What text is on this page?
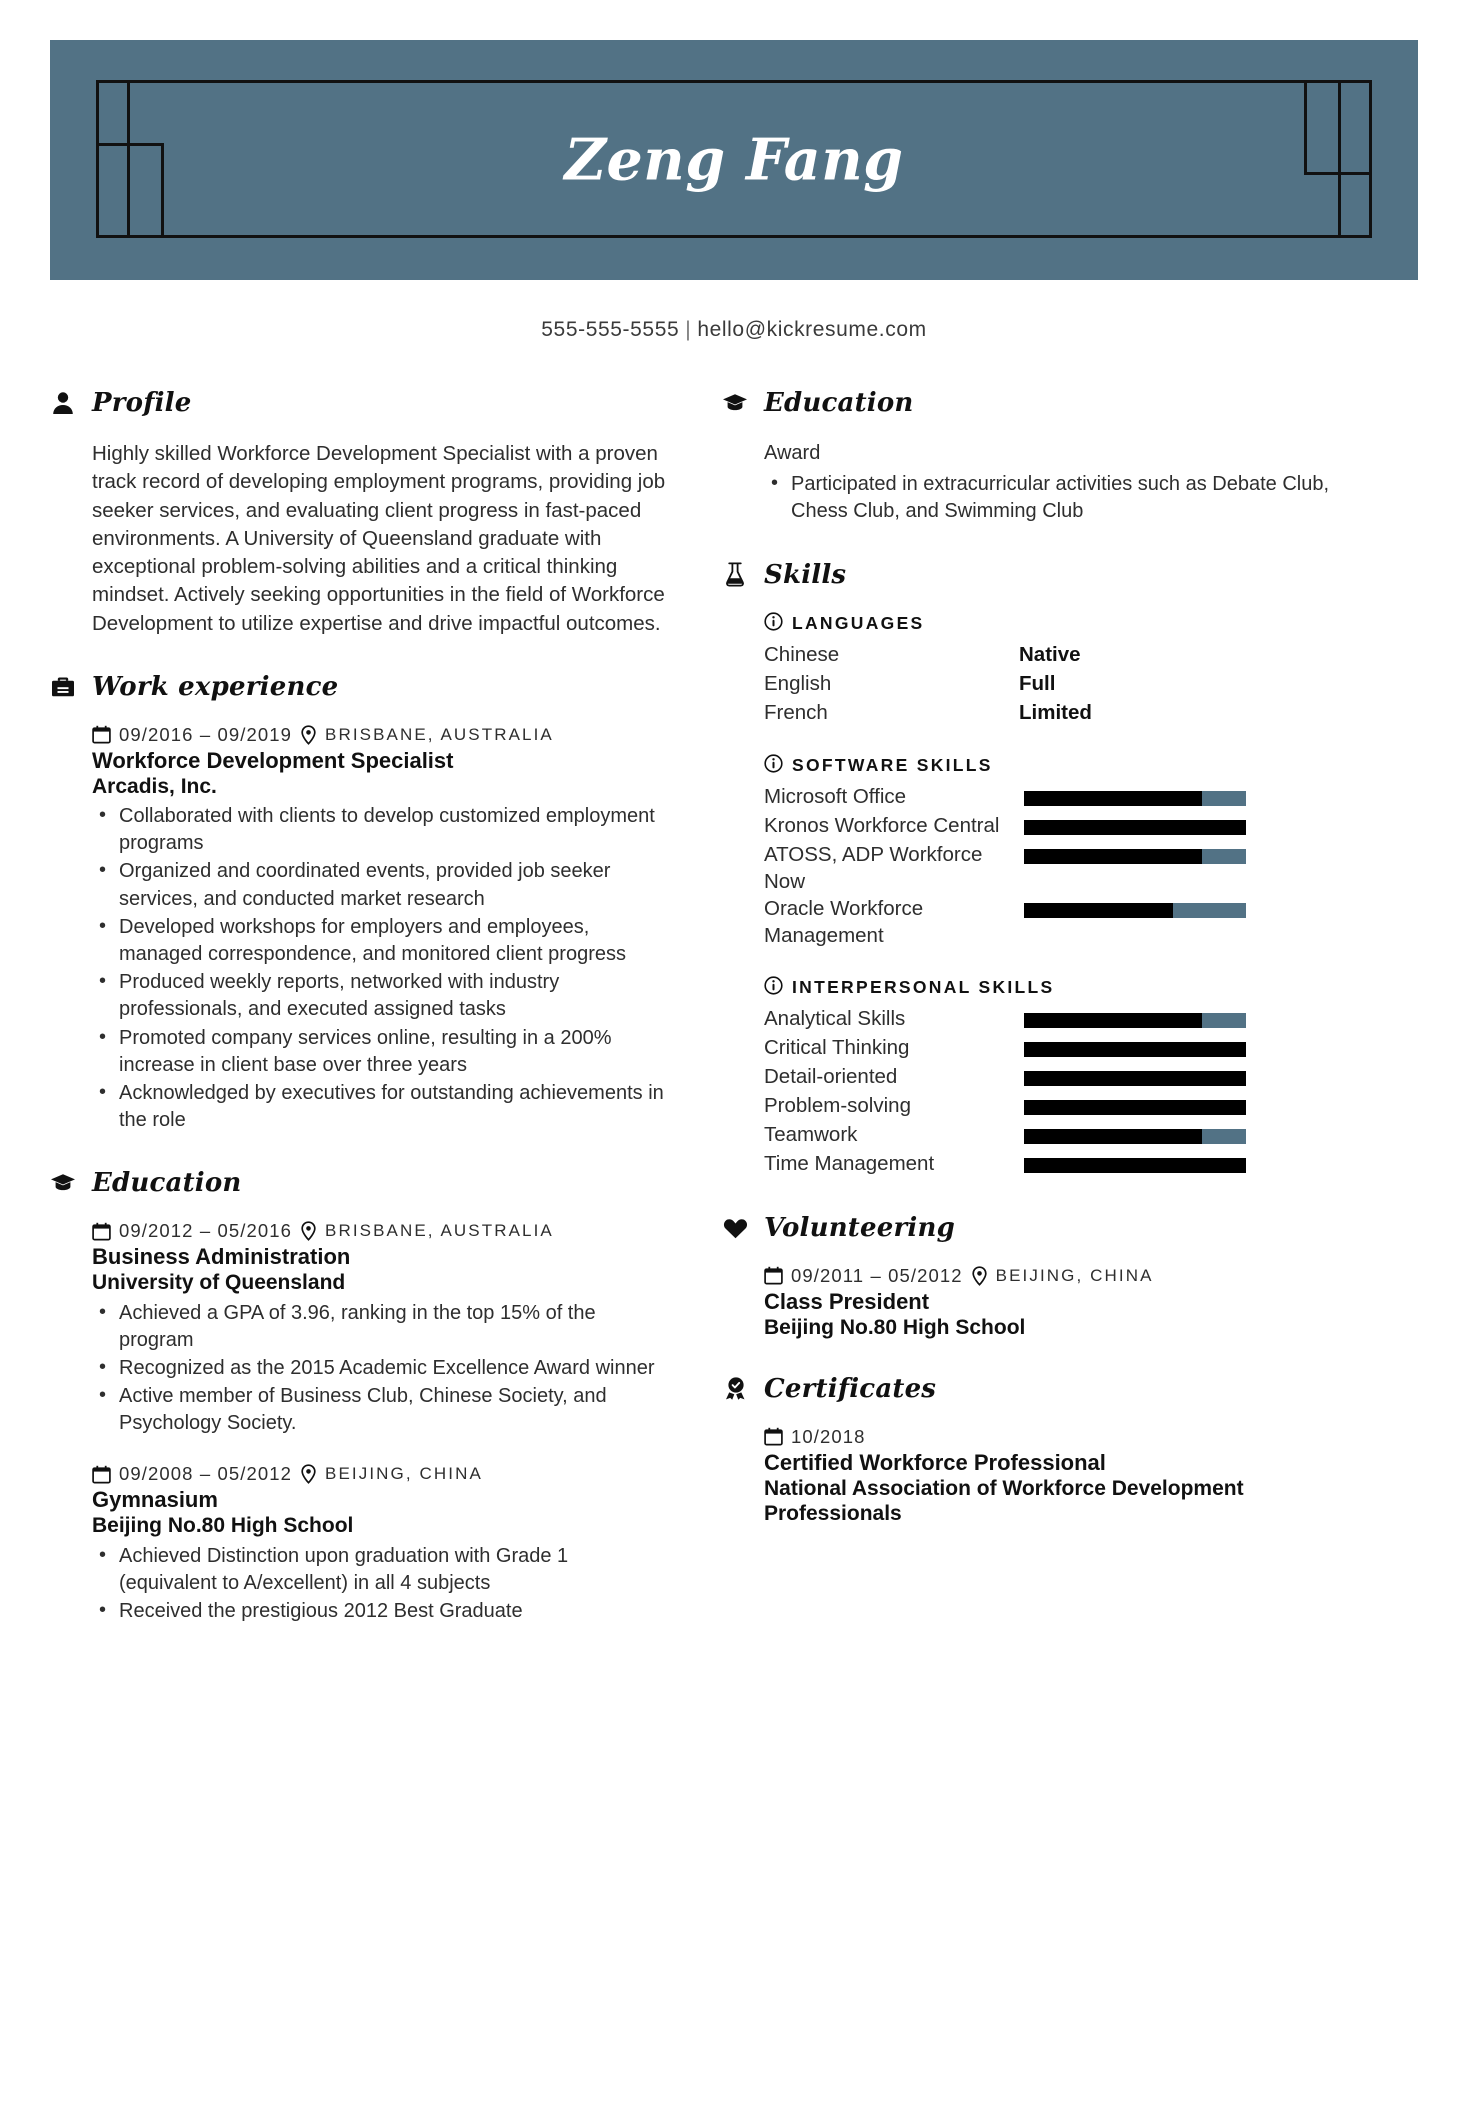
Zeng Fang
555-555-5555 | hello@kickresume.com
Profile
Highly skilled Workforce Development Specialist with a proven track record of developing employment programs, providing job seeker services, and evaluating client progress in fast-paced environments. A University of Queensland graduate with exceptional problem-solving abilities and a critical thinking mindset. Actively seeking opportunities in the field of Workforce Development to utilize expertise and drive impactful outcomes.
Work experience
09/2016 – 09/2019 BRISBANE, AUSTRALIA
Workforce Development Specialist
Arcadis, Inc.
• Collaborated with clients to develop customized employment programs
• Organized and coordinated events, provided job seeker services, and conducted market research
• Developed workshops for employers and employees, managed correspondence, and monitored client progress
• Produced weekly reports, networked with industry professionals, and executed assigned tasks
• Promoted company services online, resulting in a 200% increase in client base over three years
• Acknowledged by executives for outstanding achievements in the role
Education
09/2012 – 05/2016 BRISBANE, AUSTRALIA
Business Administration
University of Queensland
• Achieved a GPA of 3.96, ranking in the top 15% of the program
• Recognized as the 2015 Academic Excellence Award winner
• Active member of Business Club, Chinese Society, and Psychology Society.
09/2008 – 05/2012 BEIJING, CHINA
Gymnasium
Beijing No.80 High School
• Achieved Distinction upon graduation with Grade 1 (equivalent to A/excellent) in all 4 subjects
• Received the prestigious 2012 Best Graduate
Education
Award
• Participated in extracurricular activities such as Debate Club, Chess Club, and Swimming Club
Skills
LANGUAGES
Chinese	Native
English	Full
French	Limited
SOFTWARE SKILLS
Microsoft Office
Kronos Workforce Central
ATOSS, ADP Workforce Now
Oracle Workforce Management
INTERPERSONAL SKILLS
Analytical Skills
Critical Thinking
Detail-oriented
Problem-solving
Teamwork
Time Management
Volunteering
09/2011 – 05/2012 BEIJING, CHINA
Class President
Beijing No.80 High School
Certificates
10/2018
Certified Workforce Professional
National Association of Workforce Development Professionals
